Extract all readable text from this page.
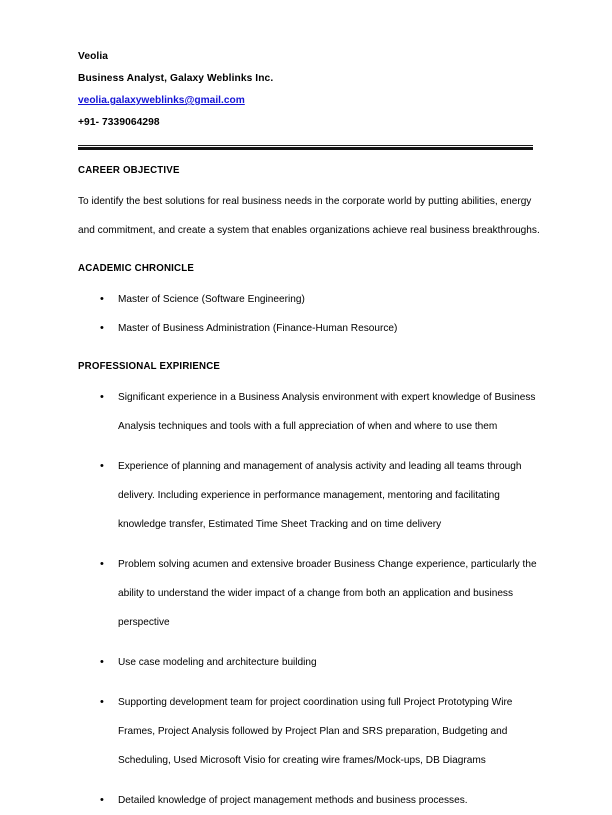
Veolia
Business Analyst, Galaxy Weblinks Inc.
veolia.galaxyweblinks@gmail.com
+91- 7339064298
CAREER OBJECTIVE
To identify the best solutions for real business needs in the corporate world by putting abilities, energy and commitment, and create a system that enables organizations achieve real business breakthroughs.
ACADEMIC CHRONICLE
• Master of Science (Software Engineering)
• Master of Business Administration (Finance-Human Resource)
PROFESSIONAL EXPIRIENCE
• Significant experience in a Business Analysis environment with expert knowledge of Business Analysis techniques and tools with a full appreciation of when and where to use them
• Experience of planning and management of analysis activity and leading all teams through delivery. Including experience in performance management, mentoring and facilitating knowledge transfer, Estimated Time Sheet Tracking and on time delivery
• Problem solving acumen and extensive broader Business Change experience, particularly the ability to understand the wider impact of a change from both an application and business perspective
• Use case modeling and architecture building
• Supporting development team for project coordination using full Project Prototyping Wire Frames, Project Analysis followed by Project Plan and SRS preparation, Budgeting and Scheduling, Used Microsoft Visio for creating wire frames/Mock-ups, DB Diagrams
• Detailed knowledge of project management methods and business processes.
